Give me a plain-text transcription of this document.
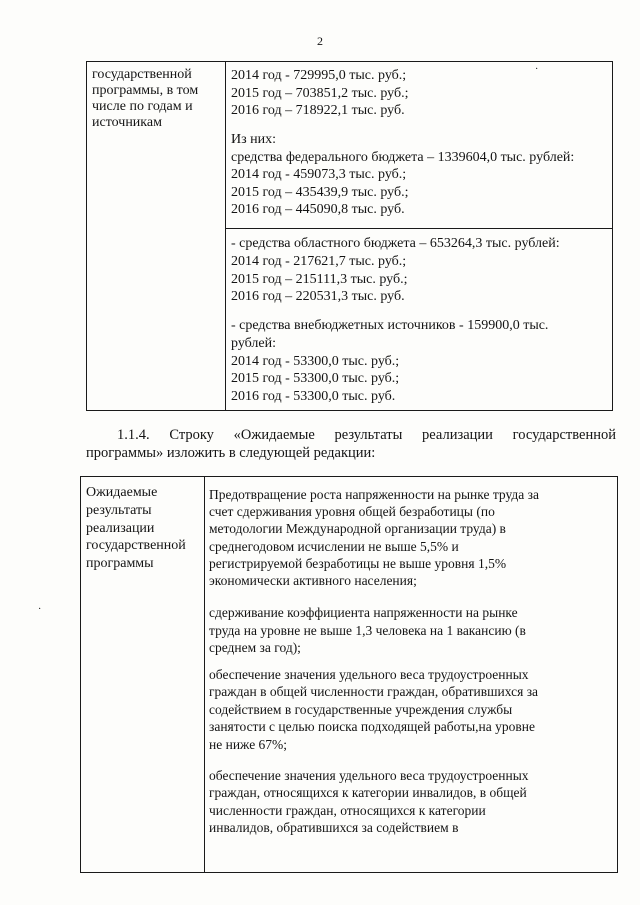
2

государственной

программы, в том

числе по годам и

источникам

2014 год - 729995,0 тыс. руб.;

2015 год – 703851,2 тыс. руб.;

2016 год – 718922,1 тыс. руб.

Из них:

средства федерального бюджета – 1339604,0 тыс. рублей:

2014 год - 459073,3 тыс. руб.;

2015 год – 435439,9 тыс. руб.;

2016 год – 445090,8 тыс. руб.

- средства областного бюджета – 653264,3 тыс. рублей:

2014 год - 217621,7 тыс. руб.;

2015 год – 215111,3 тыс. руб.;

2016 год – 220531,3 тыс. руб.

- средства внебюджетных источников - 159900,0 тыс.

рублей:

2014 год - 53300,0 тыс. руб.;

2015 год - 53300,0 тыс. руб.;

2016 год - 53300,0 тыс. руб.

1.1.4. Строку «Ожидаемые результаты реализации государственной
программы» изложить в следующей редакции:

Ожидаемые

результаты

реализации

государственной

программы

Предотвращение роста напряженности на рынке труда за

счет сдерживания уровня общей безработицы (по

методологии Международной организации труда) в

среднегодовом исчислении не выше 5,5% и

регистрируемой безработицы не выше уровня 1,5%

экономически активного населения;

сдерживание коэффициента напряженности на рынке

труда на уровне не выше 1,3 человека на 1 вакансию (в

среднем за год);

обеспечение значения удельного веса трудоустроенных

граждан в общей численности граждан, обратившихся за

содействием в государственные учреждения службы

занятости с целью поиска подходящей работы,на уровне

не ниже 67%;

обеспечение значения удельного веса трудоустроенных

граждан, относящихся к категории инвалидов, в общей

численности граждан, относящихся к категории

инвалидов, обратившихся за содействием в

·
·
